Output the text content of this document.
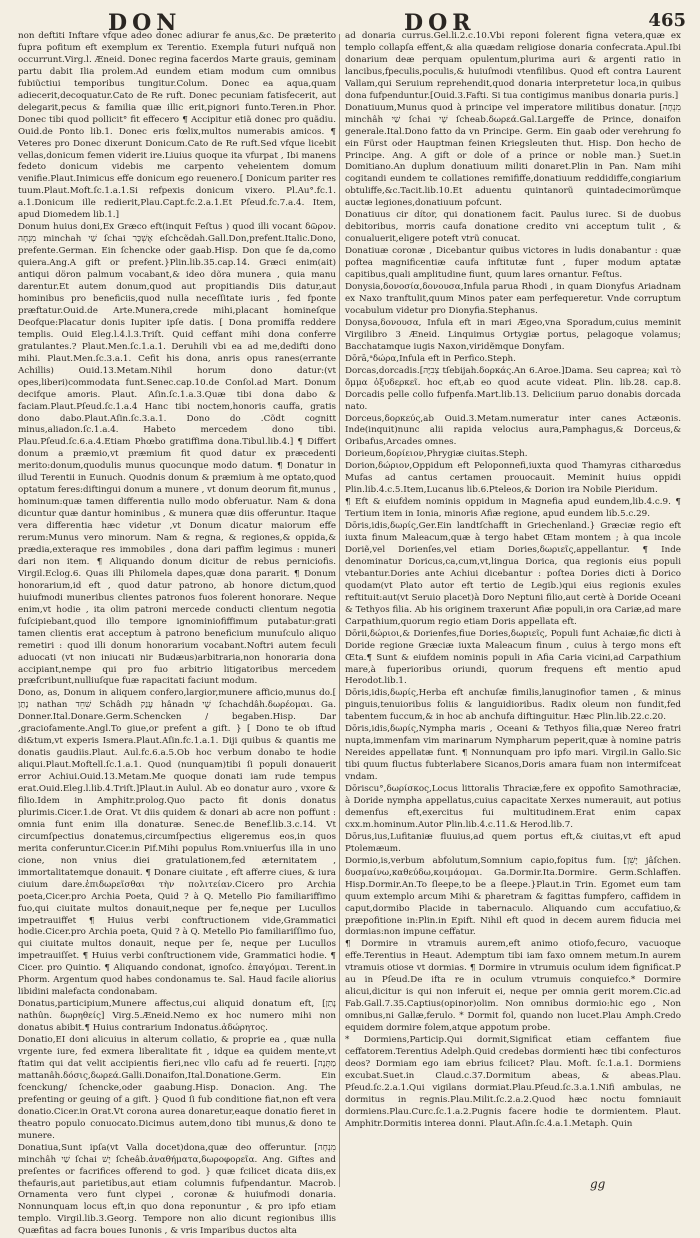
DON	DOR	465

non deftiti Inftare vfque adeo donec adiurar fe anus,&c. De præterito fupra pofitum eft exemplum ex Terentio. Exempla futuri nufquã non occurrunt.Virg.l. Æneid. Donec regina facerdos Marte grauis, geminam partu dabit Ilia prolem.Ad eundem etiam modum cum omnibus fubiũctiui temporibus tungitur.Colum. Donec ea aqua,quam adiecerit,decoquatur.Cato de Re ruft. Donec pecuniam fatisfecerit, aut delegarit,pecus & familia quæ illic erit,pignori funto.Teren.in Phor. Donec tibi quod pollicit° fit effecero ¶ Accipitur etiã donec pro quãdiu. Ouid.de Ponto lib.1. Donec eris fœlix,multos numerabis amicos. ¶ Veteres pro Donec dixerunt Donicum.Cato de Re ruft.Sed vfque licebit vellas,donicum femen viderit ire.Liuius quoque ita vfurpat , Ibi manens fedeto donicum videbis me carpento veheientem domum venifie.Plaut.Inimicus effe donicum ego reuenero.[ Donicum pariter res tuum.Plaut.Moft.ſc.1.a.1.Si refpexis donicum vixero. Pl.Au°.fc.1. a.1.Donicum ille redierit,Plau.Capt.fc.2.a.1.Et Pſeud.fc.7.a.4. Item, apud Diomedem lib.1.]

Donum huius doni,Ex Græco eft(inquit Feſtus ) quod illi vocant δῶρον. ‏מִנְחָה‏ minchah ‏שַׁי‏ ſchai ‏אֶשְׁכָּר‏ eſchcẽdah.Gall.Don,prefent.Italic.Dono, prefente.German. Ein ſchencke oder gaab.Hisp. Don que ſe da,como quiera.Ang.A gift or prefent.}Plin.lib.35.cap.14. Græci enim(ait) antiqui döron palmum vocabant,& ideo dõra munera , quia manu darentur.Et autem donum,quod aut propitiandis Diis datur,aut hominibus pro beneficiis,quod nulla neceſſitate iuris , fed fponte præftatur.Ouid.de Arte.Munera,crede mihi,placant homineſque Deofque:Placatur donis Iupiter ipſe datis. [ Dona promiffa reddere templis. Ouid Eleg.l.4.l.3.Triſt. Quid ceffant mihi dona conferre gratulantes.? Plaut.Men.ſc.1.a.1. Deruhili vbi ea ad me,dedifti dono mihi. Plaut.Men.ſc.3.a.1. Cefit his dona, anris opus ranes(errante Achillis) Ouid.13.Metam.Nihil horum dono datur:(vt opes,liberi)commodata funt.Senec.cap.10.de Conſol.ad Mart. Donum decifque amoris. Plaut. Aſin.ſc.1.a.3.Quæ tibi dona dabo & faciam.Plaut.Pſeud.ſc.1.a.4 Hanc tibi noctem,honoris cauffa, gratis dono dabo.Plaut.Aſin.ſc.3.a.1. Dono do .Cõdt cognitt minus,aliadon.ſc.1.a.4. Habeto mercedem dono tibi. Plau.Pſeud.ſc.6.a.4.Etiam Phœbo gratiffima dona.Tibul.lib.4.] ¶ Differt donum a præmio,vt præmium fit quod datur ex præcedenti merito:donum,quodulis munus quocunque modo datum. ¶ Donatur in illud Terentii in Eunuch. Quodnis donum & præmium à me optato,quod optatum feres:diftingui donum a munere , vt donum deorum fit,munus , hominum:quæ tamen differentia nullo modo obferuatur. Nam & dona dicuntur quæ dantur hominibus , & munera quæ diis offeruntur. Itaque vera differentia hæc videtur ,vt Donum dicatur maiorum effe rerum:Munus vero minorum. Nam & regna, & regiones,& oppida,& prædia,exteraque res immobiles , dona dari paffim legimus : muneri dari non item. ¶ Aliquando donum dicitur de rebus perniciofis. Virgil.Eclog.6. Quas illi Philomela dapes,quæ dona pararit. ¶ Donum honorarium,id eft , quod datur patrono, ab honore dictum,quod huiufmodi muneribus clientes patronos fuos folerent honorare. Neque enim,vt hodie , ita olim patroni mercede conducti clientum negotia fuſcipiebant,quod illo tempore ignominiofiffimum putabatur:grati tamen clientis erat acceptum à patrono beneficium munuſculo aliquo remetiri : quod illi donum honorarium vocabant.Noftri autem feculi aduocati (vt non iniucati nir Budæus)arbitraria,non honoraria dona accipiant,nempe qui pro fuo arbitrio litigatoribus mercedem præfcribunt,nulliuſque fuæ rapacitati faciunt modum.

Dono, as, Donum in aliquem confero,largior,munere afficio,munus do.[ ‏נָתַן‏ nathan ‏שִׁחֵד‏ Schâdh ‏עָנַק‏ hânadn ‏שָׁי‏ ſchachdâh.δωρέομαι. Ga. Donner.Ital.Donare.Germ.Schencken / begaben.Hisp. Dar ,graciofamente.Angl.To giue,or prefent a gift. } [ Dono te ob iftud di&tum,vt experis Ismera.Plaut.Aſin.fc.1.a.1. Diji quibus & quantis me donatis gaudiis.Plaut. Aul.fc.6.a.5.Ob hoc verbum donabo te hodie aliqui.Plaut.Moftell.ſc.1.a.1. Quod (nunquam)tibi ſi populi donauerit error Achiui.Ouid.13.Metam.Me quoque donati iam rude tempus erat.Ouid.Eleg.l.lib.4.Triſt.]Plaut.in Aulul. Ab eo donatur auro , vxore & filio.Idem in Amphitr.prolog.Quo pacto fit donis donatus plurimis.Cicer.1.de Orat. Vt diis quidem & donari ab acre non poffunt : omnia funt enim illa donaturæ. Senec.de Benef.lib.3.c.14. Vt circumſpectius donatemus,circumſpectius eligeremus eos,in quos merita conferuntur.Cicer.in Pif.Mihi populus Rom.vniuerſus illa in uno cione, non vnius diei gratulationem,fed æternitatem , immortalitatemque donauit. ¶ Donare ciuitate , eft afferre ciues, & iura ciuium dare.ἐπιδωρεῖσθαι τὴν πολιτείαν.Cicero pro Archia poeta,Cicer.pro Archia Poeta, Quid ? à Q. Metello Pio familiariffimo fuo,qui ciuitate multos donauit,neque per fe,neque per Lucullos impetrauiffet ¶ Huius verbi conftructionem vide,Grammatici hodie.Cicer.pro Archia poeta, Quid ? à Q. Metello Pio familiariſſimo ſuo, qui ciuitate multos donauit, neque per ſe, neque per Lucullos impetrauiſſet. ¶ Huius verbi conſtructionem vide, Grammatici hodie. ¶ Cicer. pro Quintio. ¶ Aliquando condonat, ignoſco. ἐπαγόμαι. Terent.in Phorm. Argentum quod habes condonamus te. Sal. Haud facile aliorius libidini malefacta condonabam.

Donatus,participium,Munere affectus,cui aliquid donatum eft, [‏נָתַן‏ nathûn. δωρηθείς] Virg.5.Æneid.Nemo ex hoc numero mihi non donatus abibit.¶ Huius contrarium Indonatus.ἀδώρητος.

Donatio,EI doni alicuius in alterum collatio, & proprie ea , quæ nulla vrgente iure, fed exmera liberalitate fit , idque ea quidem mente,vt ftatim qui dat velit accipientis fieri,nec vllo cafu ad fe reuerti. [‏מַתָּנָה‏ mattanâh.δόσις,δωρεά.Galli.Donaifon,Ital.Donatione.Germ. Ein fcenckung/ ſchencke,oder gaabung.Hisp. Donacion. Ang. The prefenting or geuing of a gift. } Quod ſi fub conditione fiat,non eft vera donatio.Cicer.in Orat.Vt corona aurea donaretur,eaque donatio fieret in theatro populo conuocato.Dicimus autem,dono tibi munus,& dono te munere.

Donatiua,Sunt ipſa(vt Valla docet)dona,quæ deo offeruntur. [‏מִנְחָה‏ minchâh ‏שַׁי‏ ſchai ‏יָשׁ‏ ſcheâb.ἀναθήματα,δωροφορεῖα. Ang. Giftes and preſentes or facrifices offerend to god. } quæ fcilicet dicata diis,ex thefauris,aut parietibus,aut etiam columnis fufpendantur. Macrob. Ornamenta vero funt clypei , coronæ & huiufmodi donaria. Nonnunquam locus eft,in quo dona reponuntur , & pro ipfo etiam templo. Virgil.lib.3.Georg. Tempore non alio dicunt regionibus illis Quæfitas ad facra boues Iunonis , & vris Imparibus ductos alta

ad donaria currus.Gel.li.2.c.10.Vbi reponi folerent figna vetera,quæ ex templo collapſa effent,& alia quædam religiose donaria confecrata.Apul.Ibi donarium deæ perquam opulentum,plurima auri & argenti ratio in lancibus,fpeculis,poculis,& huiuſmodi vtenfilibus. Quod eft contra Laurent Vallam,qui Seruium reprehendit,quod donaria interpretetur loca,in quibus dona fufpenduntur.[Ouid.3.Fafti. Si tua contigimus manibus donaria puris.]

Donatiuum,Munus quod à principe vel imperatore militibus donatur. [‏מִנְחָה‏ minchâh ‏שַׁי‏ ſchai ‏שָׁי‏ ſcheab.δωρεά.Gal.Largeffe de Prince, donaifon generale.Ital.Dono fatto da vn Principe. Germ. Ein gaab oder verehrung fo ein Fürst oder Hauptman feinen Kriegsleuten thut. Hisp. Don hecho de Principe. Ang. A gift or dole of a prince or noble man.} Suet.in Domitiano.An duplum donatiuum militi donaret.Plin in Pan. Nam mihi cogitandi eundem te collationes remififfe,donatiuum reddidiffe,congiarium obtuliffe,&c.Tacit.lib.10.Et aduentu quintanorũ quintadecimorũmque auctæ legiones,donatiuum pofcunt.

Donatiuus cir dítor, qui donationem facit. Paulus iurec. Si de duobus debitoribus, morris caufa donatione credito vni acceptum tulit , & conualuerit,eligere poteft vtrũ conucat.

Donatiuæ coronæ , Dicebantur quibus victores in ludis donabantur : quæ poftea magnificentiæ caufa inftitutæ funt , fuper modum aptatæ capitibus,quali amplitudine fiunt, quum lares ornantur. Feſtus.

Donysia,δονοσία,δονουσα,Infula parua Rhodi , in quam Dionyfus Ariadnam ex Naxo tranftulit,quum Minos pater eam perfequeretur. Vnde corruptum vocabulum videtur pro Dionyfia.Stephanus.

Donysa,δονουσα, Infula eft in mari Ægeo,vna Sporadum,cuius meminit Virgilibro 3 Æneid. Linquimus Ortygiæ portus, pelagoque volamus; Bacchatamque iugis Naxon,viridẽmque Donyfam.

Dōrā,ᵃδώρα,Infula eft in Perfico.Steph.

Dorcas,dorcadis.[‏צְבִיָּה‏ tſebijah.δορκάς.An 6.Aroe.]Dama. Seu caprea; καὶ τὸ ὄμμα ὀξυδερκεῖ. hoc eft,ab eo quod acute videat. Plin. lib.28. cap.8. Dorcadis pelle collo fufpenfa.Mart.lib.13. Deliciium paruo donabis dorcada nato.

Dorceus,δορκεύς,ab Ouid.3.Metam.numeratur inter canes Actæonis. Inde(inquit)nunc alii rapida velocius aura,Pamphagus,& Dorceus,& Oribafus,Arcades omnes.

Dorieum,δορίειον,Phrygiæ ciuitas.Steph.

Dorion,δώριον,Oppidum eft Peloponnefi,iuxta quod Thamyras citharœdus Mufas ad cantus certamen prouocauit. Meminit huius oppidi Plin.lib.4.c.5.Item,Lucanus lib.6.Pteleos,& Dorion ira Nobile Pieridum.

¶ Eft & eiufdem nominis oppidum in Magnefia apud eundem,lib.4.c.9. ¶ Tertium item in Ionia, minoris Afiæ regione, apud eundem lib.5.c.29.

Dōris,idis,δωρίς,Ger.Ein landtſchafft in Griechenland.} Græciæ regio eft iuxta finum Maleacum,quæ à tergo habet Œtam montem ; à qua incole Doriẽ,vel Dorienſes,vel etiam Dories,δωριεῖς,appellantur. ¶ Inde denominatur Doricus,ca,cum,vt,lingua Dorica, qua regionis eius populi vtebantur.Dories ante Achiui dicebantur : poſtea Dories dicti à Dorico quodam(vt Plato autor eft tertio de Legib.)qui eius regionis exules reftituit:aut(vt Seruio placet)à Doro Neptuni filio,aut certè à Doride Oceani & Tethyos filia. Ab his originem traxerunt Afiæ populi,in ora Cariæ,ad mare Carpathium,quorum regio etiam Doris appellata eft.

Dōrii,δώριοι,& Dorienfes,fiue Dories,δωριεῖς, Populi funt Achaiæ,fic dicti à Doride regione Græciæ iuxta Maleacum finum , cuius à tergo mons eft Œta.¶ Sunt & eiufdem nominis populi in Afia Caria vicini,ad Carpathium mare,à fuperioribus oriundi, quorum frequens eft mentio apud Herodot.lib.1.

Dōris,idis,δωρίς,Herba eft anchuſæ fimilis,lanuginofior tamen , & minus pinguis,tenuioribus foliis & languidioribus. Radix oleum non fundit,fed tabentem fuccum,& in hoc ab anchufa diftinguitur. Hæc Plin.lib.22.c.20.

Dōris,idis,δωρίς,Nympha maris , Oceani & Tethyos filia,quæ Nereo fratri nupta,immenfam vim marinarum Nympharum peperit,quæ à nomine patris Nereides appellatæ funt. ¶ Nonnunquam pro ipfo mari. Virgil.in Gallo.Sic tibi quum fluctus fubterlabere Sicanos,Doris amara fuam non intermifceat vndam.

Dōriscu°,δωρίσκος,Locus littoralis Thraciæ,fere ex oppofito Samothraciæ, à Doride nympha appellatus,cuius capacitate Xerxes numerauit, aut potius demenfus eft,exercitus fui multitudinem.Erat enim capax cxx.m.hominum.Autor Plin.lib.4.c.11.& Herod.lib.7.

Dōrus,ius,Lufitaniæ fluuius,ad quem portus eft,& ciuitas,vt eft apud Ptolemæum.

Dormio,is,verbum abfolutum,Somnium capio,fopitus fum. [‏יָשֵׁן‏ jâſchen. δυσμαίνω,καθεύδω,κοιμάομαι. Ga.Dormir.Ita.Dormire. Germ.Schlaffen. Hisp.Dormir.An.To ſleepe,to be a ſleepe.}Plaut.in Trin. Egomet eum tam quum extemplo arcum Mihi & pharetram & fagittas fumpfero, caffidem in caput,dormibo Placide in tabernaculo. Aliquando cum accufatiuo,& præpofitione in:Plin.in Epift. Nihil eft quod in decem aurem fiducia mei dormias:non impune ceffatur.

¶ Dormire in vtramuis aurem,eft animo otiofo,fecuro, vacuoque effe.Terentius in Heaut. Ademptum tibi iam faxo omnem metum.In aurem vtramuis otiose vt dormias. ¶ Dormire in vtrumuis oculum idem fignificat.P au in Pſeud.De ifta re in oculum vtrumuis conquiefco.* Dormire alicui,dicitur is qui non inferuit ei, neque per omnia gerit morem.Cic.ad Fab.Gall.7.35.Captius(opinor)olim. Non omnibus dormio:hic ego , Non omnibus,ni Gallæ,ferulo. * Dormit fol, quando non lucet.Plau Amph.Credo equidem dormire folem,atque appotum probe.

* Dormiens,Particip.Qui dormit,Significat etiam ceffantem fiue ceffatorem.Terentius Adelph.Quid credebas dormienti hæc tibi confecturos deos? Dormiam ego iam ebrius fcilicet? Plau. Moft. ſc.1.a.1. Dormiens excubat.Suet.in Claud.c.37.Dormitum abeas, & abeas.Plau. Pſeud.ſc.2.a.1.Qui vigilans dormiat.Plau.Pſeud.ſc.3.a.1.Nifi ambulas, ne dormitus in regnis.Plau.Milit.ſc.2.a.2.Quod hæc noctu fomniauit dormiens.Plau.Curc.ſc.1.a.2.Pugnis facere hodie te dormientem. Plaut. Amphitr.Dormitis interea donni. Plaut.Aſin.ſc.4.a.1.Metaph. Quin

gg
